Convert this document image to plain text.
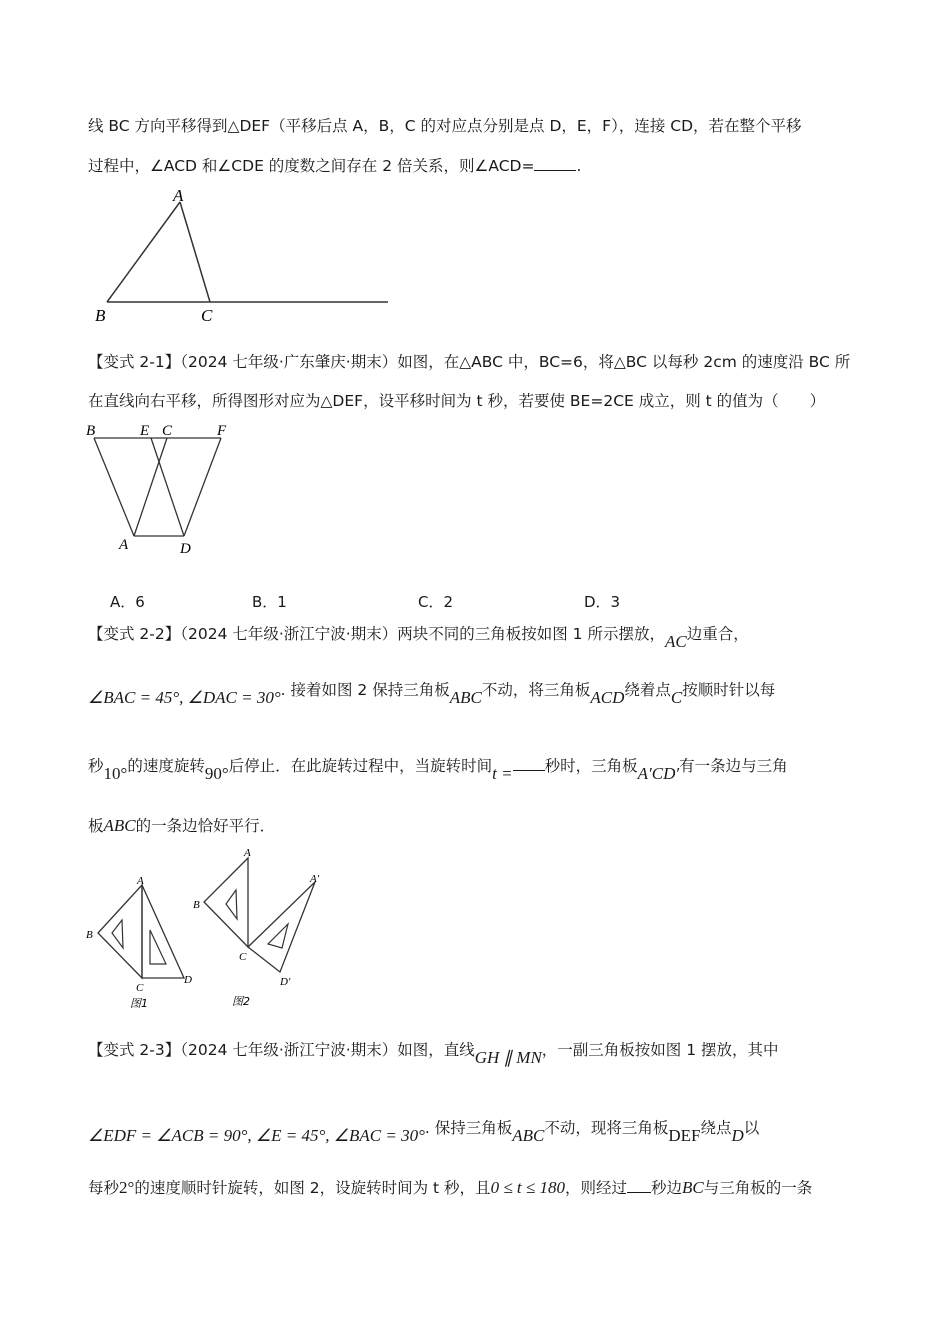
线 BC 方向平移得到△DEF（平移后点 A，B，C 的对应点分别是点 D，E，F），连接 CD，若在整个平移
过程中，∠ACD 和∠CDE 的度数之间存在 2 倍关系，则∠ACD=	.
A
B	C
【变式 2-1】（2024 七年级·广东肇庆·期末）如图，在△ABC 中，BC=6，将△BC 以每秒 2cm 的速度沿 BC 所
在直线向右平移，所得图形对应为△DEF，设平移时间为 t 秒，若要使 BE=2CE 成立，则 t 的值为（　　）
B	E C	F
A	D
A．6	B．1	C．2	D．3
【变式 2-2】（2024 七年级·浙江宁波·期末）两块不同的三角板按如图 1 所示摆放，AC边重合，
∠BAC = 45°, ∠DAC = 30°. 接着如图 2 保持三角板ABC不动，将三角板ACD绕着点C按顺时针以每
秒10°的速度旋转90°后停止．在此旋转过程中，当旋转时间t = 秒时，三角板A′CD′有一条边与三角
板ABC的一条边恰好平行．
A
B
C
D
图1
A
B
C
A′
D′
图2
【变式 2-3】（2024 七年级·浙江宁波·期末）如图，直线GH ∥ MN，一副三角板按如图 1 摆放，其中
∠EDF = ∠ACB = 90°, ∠E = 45°, ∠BAC = 30°. 保持三角板ABC不动，现将三角板DEF绕点D以
每秒2°的速度顺时针旋转，如图 2，设旋转时间为 t 秒，且0 ≤ t ≤ 180，则经过 秒边BC与三角板的一条
